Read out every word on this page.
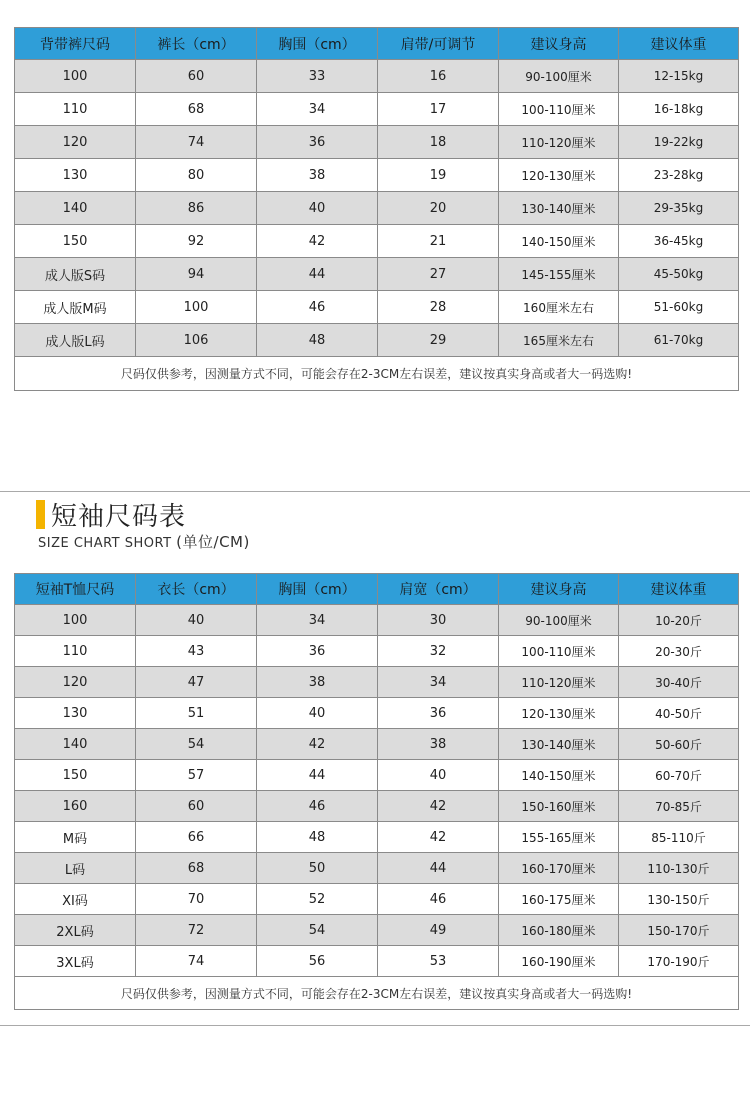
背带裤尺码	裤长（cm）	胸围（cm）	肩带/可调节	建议身高	建议体重
100	60	33	16	90-100厘米	12-15kg
110	68	34	17	100-110厘米	16-18kg
120	74	36	18	110-120厘米	19-22kg
130	80	38	19	120-130厘米	23-28kg
140	86	40	20	130-140厘米	29-35kg
150	92	42	21	140-150厘米	36-45kg
成人版S码	94	44	27	145-155厘米	45-50kg
成人版M码	100	46	28	160厘米左右	51-60kg
成人版L码	106	48	29	165厘米左右	61-70kg
尺码仅供参考，因测量方式不同，可能会存在2-3CM左右误差，建议按真实身高或者大一码选购!					
短袖尺码表
SIZE CHART SHORT (单位/CM)
短袖T恤尺码	衣长（cm）	胸围（cm）	肩宽（cm）	建议身高	建议体重
100	40	34	30	90-100厘米	10-20斤
110	43	36	32	100-110厘米	20-30斤
120	47	38	34	110-120厘米	30-40斤
130	51	40	36	120-130厘米	40-50斤
140	54	42	38	130-140厘米	50-60斤
150	57	44	40	140-150厘米	60-70斤
160	60	46	42	150-160厘米	70-85斤
M码	66	48	42	155-165厘米	85-110斤
L码	68	50	44	160-170厘米	110-130斤
XI码	70	52	46	160-175厘米	130-150斤
2XL码	72	54	49	160-180厘米	150-170斤
3XL码	74	56	53	160-190厘米	170-190斤
尺码仅供参考，因测量方式不同，可能会存在2-3CM左右误差，建议按真实身高或者大一码选购!					
